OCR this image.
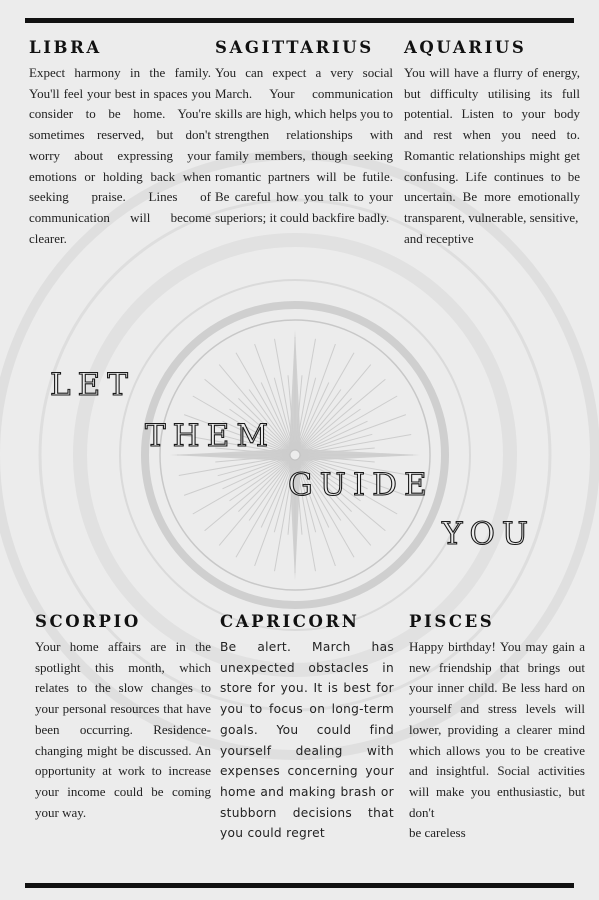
LIBRA

Expect harmony in the family. You'll feel your best in spaces you consider to be home. You're sometimes reserved, but don't worry about expressing your emotions or holding back when seeking praise. Lines of communication will become clearer.

SAGITTARIUS

You can expect a very social March. Your communication skills are high, which helps you to strengthen relationships with family members, though seeking romantic partners will be futile. Be careful how you talk to your superiors; it could backfire badly.

AQUARIUS

You will have a flurry of energy, but difficulty utilising its full potential. Listen to your body and rest when you need to. Romantic relationships might get confusing. Life continues to be uncertain. Be more emotionally transparent, vulnerable, sensitive,
and receptive

LET
THEM
GUIDE
YOU
SCORPIO

Your home affairs are in the spotlight this month, which relates to the slow changes to your personal resources that have been occurring. Residence-changing might be discussed. An opportunity at work to increase your income could be coming your way.

CAPRICORN

Be alert. March has unexpected obstacles in store for you. It is best for you to focus on long-term goals. You could find yourself dealing with expenses concerning your home and making brash or stubborn decisions that you could regret

PISCES

Happy birthday! You may gain a new friendship that brings out your inner child. Be less hard on yourself and stress levels will lower, providing a clearer mind which allows you to be creative and insightful. Social activities will make you enthusiastic, but don't
be careless
